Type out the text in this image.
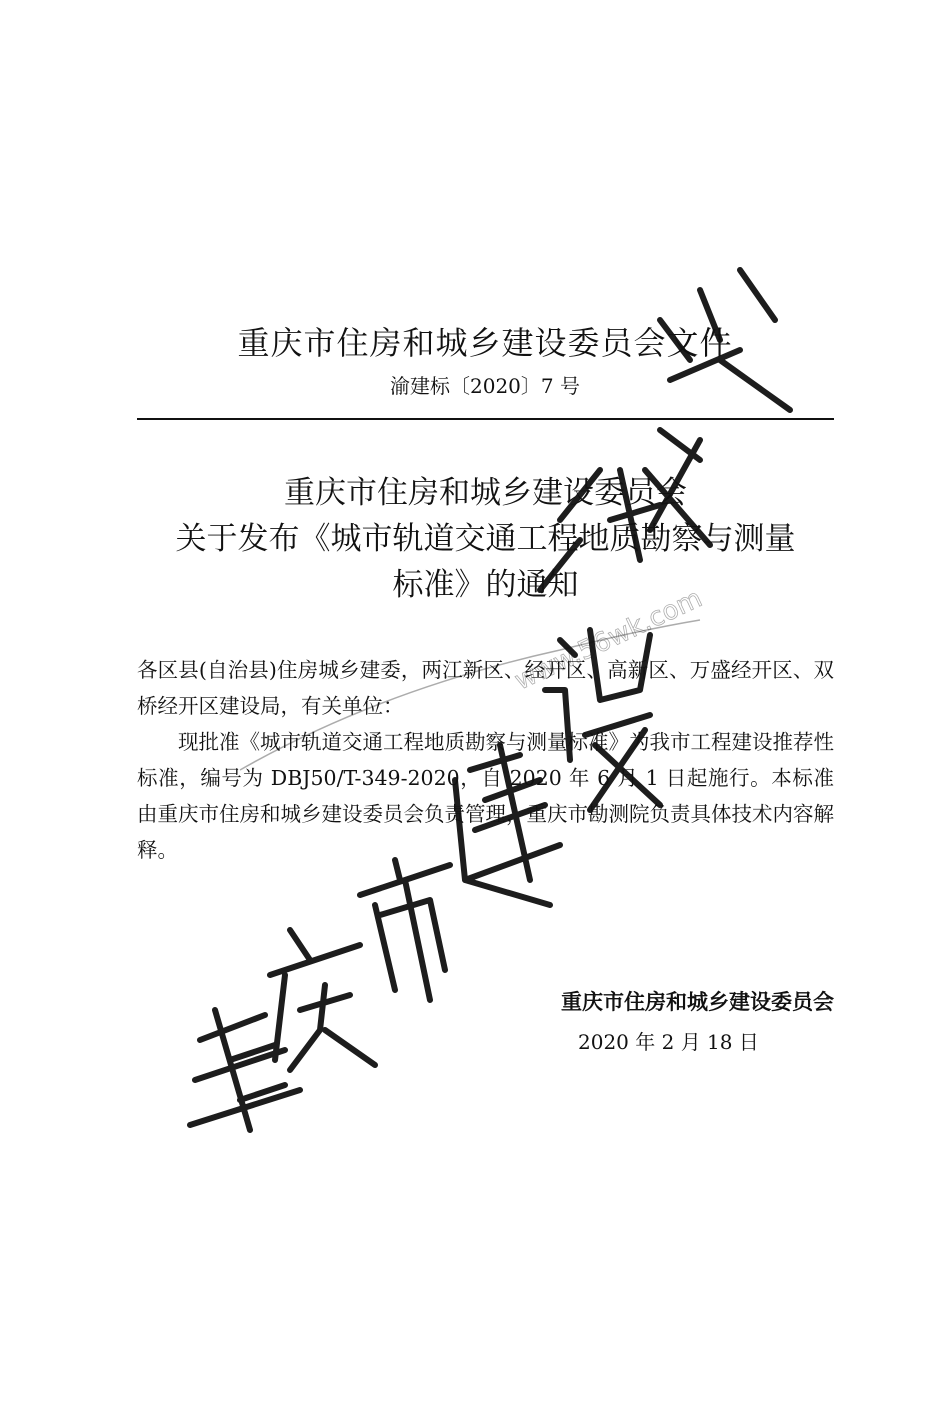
重庆市住房和城乡建设委员会文件
渝建标〔2020〕7 号
重庆市住房和城乡建设委员会
关于发布《城市轨道交通工程地质勘察与测量
标准》的通知

各区县(自治县)住房城乡建委，两江新区、经开区、高新区、万盛经开区、双桥经开区建设局，有关单位：

现批准《城市轨道交通工程地质勘察与测量标准》为我市工程建设推荐性标准，编号为 DBJ50/T-349-2020，自 2020 年 6 月 1 日起施行。本标准由重庆市住房和城乡建设委员会负责管理，重庆市勘测院负责具体技术内容解释。

重庆市住房和城乡建设委员会
2020 年 2 月 18 日
www.56wk.com
